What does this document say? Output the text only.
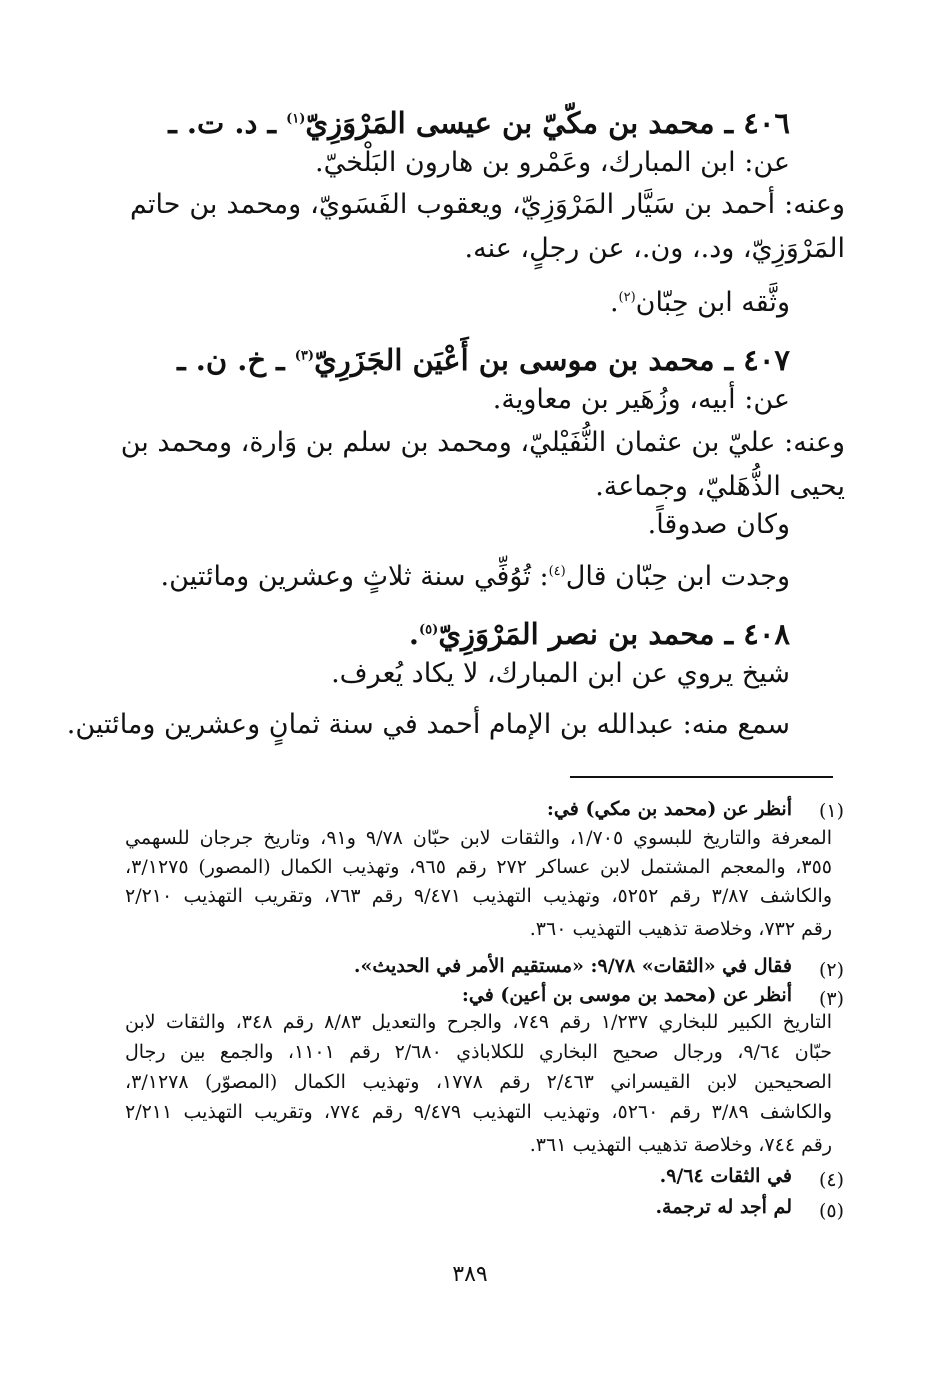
٤٠٦ ـ محمد بن مكّيّ بن عيسى المَرْوَزِيّ$^{(١)}$ ـ د. ت. ـ
عن: ابن المبارك، وعَمْرو بن هارون البَلْخيّ.
وعنه: أحمد بن سَيَّار المَرْوَزِيّ، ويعقوب الفَسَويّ، ومحمد بن حاتم
المَرْوَزِيّ، ود.، ون.، عن رجلٍ، عنه.
وثَّقه ابن حِبّان$^{(٢)}$.
٤٠٧ ـ محمد بن موسى بن أَعْيَن الجَزَرِيّ$^{(٣)}$ ـ خ. ن. ـ
عن: أبيه، وزُهَير بن معاوية.
وعنه: عليّ بن عثمان النُّفَيْليّ، ومحمد بن سلم بن وَارة، ومحمد بن
يحيى الذُّهَليّ، وجماعة.
وكان صدوقاً.
وجدت ابن حِبّان قال$^{(٤)}$: تُوُفِّي سنة ثلاثٍ وعشرين ومائتين.
٤٠٨ ـ محمد بن نصر المَرْوَزِيّ$^{(٥)}$.
شيخ يروي عن ابن المبارك، لا يكاد يُعرف.
سمع منه: عبدالله بن الإمام أحمد في سنة ثمانٍ وعشرين ومائتين.
(١)
أنظر عن (محمد بن مكي) في:
المعرفة والتاريخ للبسوي ١/٧٠٥، والثقات لابن حبّان ٩/٧٨ و٩١، وتاريخ جرجان للسهمي
٣٥٥، والمعجم المشتمل لابن عساكر ٢٧٢ رقم ٩٦٥، وتهذيب الكمال (المصور) ٣/١٢٧٥،
والكاشف ٣/٨٧ رقم ٥٢٥٢، وتهذيب التهذيب ٩/٤٧١ رقم ٧٦٣، وتقريب التهذيب ٢/٢١٠
رقم ٧٣٢، وخلاصة تذهيب التهذيب ٣٦٠.
(٢)
فقال في «الثقات» ٩/٧٨: «مستقيم الأمر في الحديث».
(٣)
أنظر عن (محمد بن موسى بن أعين) في:
التاريخ الكبير للبخاري ١/٢٣٧ رقم ٧٤٩، والجرح والتعديل ٨/٨٣ رقم ٣٤٨، والثقات لابن
حبّان ٩/٦٤، ورجال صحيح البخاري للكلاباذي ٢/٦٨٠ رقم ١١٠١، والجمع بين رجال
الصحيحين لابن القيسراني ٢/٤٦٣ رقم ١٧٧٨، وتهذيب الكمال (المصوّر) ٣/١٢٧٨،
والكاشف ٣/٨٩ رقم ٥٢٦٠، وتهذيب التهذيب ٩/٤٧٩ رقم ٧٧٤، وتقريب التهذيب ٢/٢١١
رقم ٧٤٤، وخلاصة تذهيب التهذيب ٣٦١.
(٤)
في الثقات ٩/٦٤.
(٥)
لم أجد له ترجمة.
٣٨٩
